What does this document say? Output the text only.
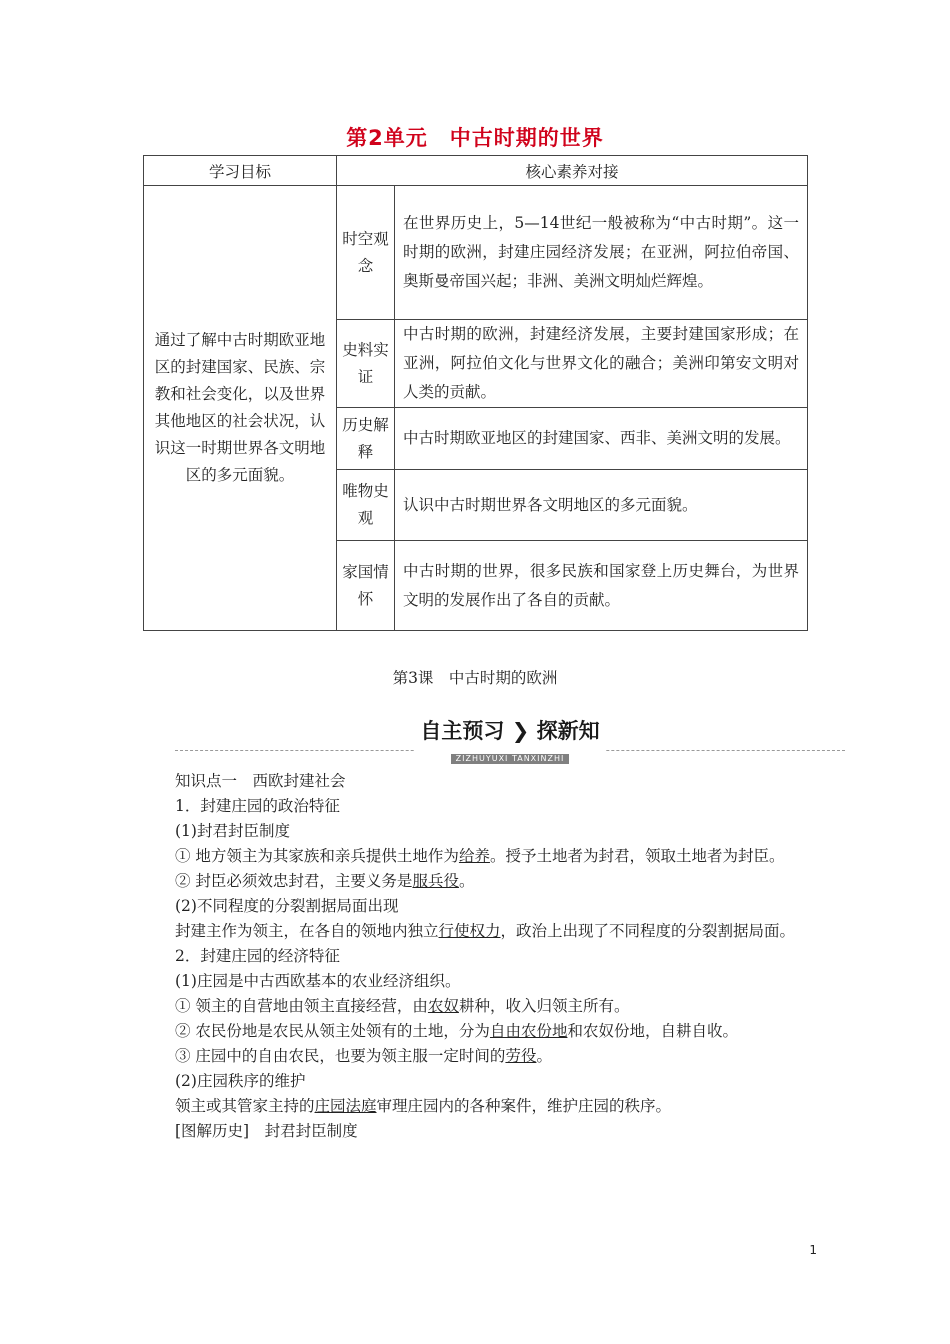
第2单元　中古时期的世界
学习目标	核心素养对接	
通过了解中古时期欧亚地区的封建国家、民族、宗教和社会变化，以及世界其他地区的社会状况，认识这一时期世界各文明地区的多元面貌。	时空观念	在世界历史上，5—14世纪一般被称为“中古时期”。这一时期的欧洲，封建庄园经济发展；在亚洲，阿拉伯帝国、奥斯曼帝国兴起；非洲、美洲文明灿烂辉煌。
	史料实证	中古时期的欧洲，封建经济发展，主要封建国家形成；在亚洲，阿拉伯文化与世界文化的融合；美洲印第安文明对人类的贡献。
	历史解释	中古时期欧亚地区的封建国家、西非、美洲文明的发展。
	唯物史观	认识中古时期世界各文明地区的多元面貌。
	家国情怀	中古时期的世界，很多民族和国家登上历史舞台，为世界文明的发展作出了各自的贡献。
第3课　中古时期的欧洲
自主预习 ❯ 探新知
ZIZHUYUXI TANXINZHI
知识点一　西欧封建社会
1．封建庄园的政治特征
(1)封君封臣制度
① 地方领主为其家族和亲兵提供土地作为给养。授予土地者为封君，领取土地者为封臣。
② 封臣必须效忠封君，主要义务是服兵役。
(2)不同程度的分裂割据局面出现
封建主作为领主，在各自的领地内独立行使权力，政治上出现了不同程度的分裂割据局面。
2．封建庄园的经济特征
(1)庄园是中古西欧基本的农业经济组织。
① 领主的自营地由领主直接经营，由农奴耕种，收入归领主所有。
② 农民份地是农民从领主处领有的土地，分为自由农份地和农奴份地，自耕自收。
③ 庄园中的自由农民，也要为领主服一定时间的劳役。
(2)庄园秩序的维护
领主或其管家主持的庄园法庭审理庄园内的各种案件，维护庄园的秩序。
[图解历史]　封君封臣制度
1
